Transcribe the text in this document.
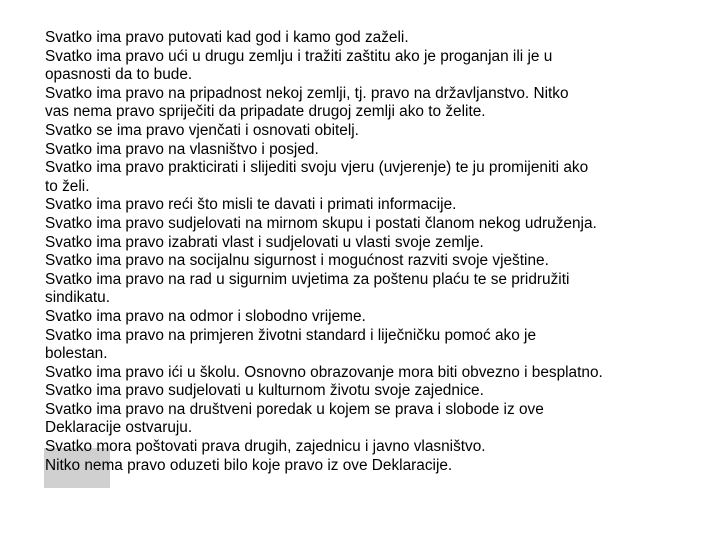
Svatko ima pravo putovati kad god i kamo god zaželi.
Svatko ima pravo ući u drugu zemlju i tražiti zaštitu ako je proganjan ili je u
opasnosti da to bude.
Svatko ima pravo na pripadnost nekoj zemlji, tj. pravo na državljanstvo. Nitko
vas nema pravo spriječiti da pripadate drugoj zemlji ako to želite.
Svatko se ima pravo vjenčati i osnovati obitelj.
Svatko ima pravo na vlasništvo i posjed.
Svatko ima pravo prakticirati i slijediti svoju vjeru (uvjerenje) te ju promijeniti ako
to želi.
Svatko ima pravo reći što misli te davati i primati informacije.
Svatko ima pravo sudjelovati na mirnom skupu i postati članom nekog udruženja.
Svatko ima pravo izabrati vlast i sudjelovati u vlasti svoje zemlje.
Svatko ima pravo na socijalnu sigurnost i mogućnost razviti svoje vještine.
Svatko ima pravo na rad u sigurnim uvjetima za poštenu plaću te se pridružiti
sindikatu.
Svatko ima pravo na odmor i slobodno vrijeme.
Svatko ima pravo na primjeren životni standard i liječničku pomoć ako je
bolestan.
Svatko ima pravo ići u školu. Osnovno obrazovanje mora biti obvezno i besplatno.
Svatko ima pravo sudjelovati u kulturnom životu svoje zajednice.
Svatko ima pravo na društveni poredak u kojem se prava i slobode iz ove
Deklaracije ostvaruju.
Svatko mora poštovati prava drugih, zajednicu i javno vlasništvo.
Nitko nema pravo oduzeti bilo koje pravo iz ove Deklaracije.
